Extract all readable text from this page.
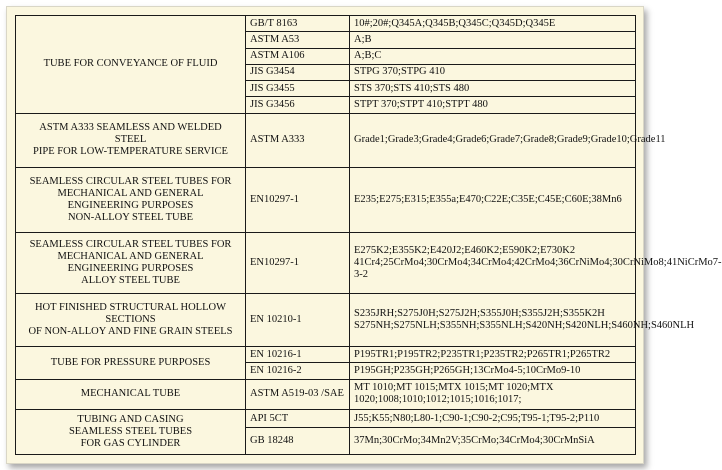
TUBE FOR CONVEYANCE OF FLUID	GB/T 8163	10#;20#;Q345A;Q345B;Q345C;Q345D;Q345E
	ASTM A53	A;B
	ASTM A106	A;B;C
	JIS G3454	STPG 370;STPG 410
	JIS G3455	STS 370;STS 410;STS 480
	JIS G3456	STPT 370;STPT 410;STPT 480

ASTM A333 SEAMLESS AND WELDED
STEEL
PIPE FOR LOW-TEMPERATURE SERVICE	ASTM A333	Grade1;Grade3;Grade4;Grade6;Grade7;Grade8;Grade9;Grade10;Grade11

SEAMLESS CIRCULAR STEEL TUBES FOR
MECHANICAL AND GENERAL
ENGINEERING PURPOSES
NON-ALLOY STEEL TUBE	EN10297-1	E235;E275;E315;E355a;E470;C22E;C35E;C45E;C60E;38Mn6

SEAMLESS CIRCULAR STEEL TUBES FOR
MECHANICAL AND GENERAL
ENGINEERING PURPOSES
ALLOY STEEL TUBE	EN10297-1	E275K2;E355K2;E420J2;E460K2;E590K2;E730K2 41Cr4;25CrMo4;30CrMo4;34CrMo4;42CrMo4;36CrNiMo4;30CrNiMo8;41NiCrMo7-3-2

HOT FINISHED STRUCTURAL HOLLOW
SECTIONS
OF NON-ALLOY AND FINE GRAIN STEELS	EN 10210-1	S235JRH;S275J0H;S275J2H;S355J0H;S355J2H;S355K2H S275NH;S275NLH;S355NH;S355NLH;S420NH;S420NLH;S460NH;S460NLH

TUBE FOR PRESSURE PURPOSES	EN 10216-1	P195TR1;P195TR2;P235TR1;P235TR2;P265TR1;P265TR2
	EN 10216-2	P195GH;P235GH;P265GH;13CrMo4-5;10CrMo9-10

MECHANICAL TUBE	ASTM A519-03 /SAE	MT 1010;MT 1015;MTX 1015;MT 1020;MTX 1020;1008;1010;1012;1015;1016;1017;

TUBING AND CASING
SEAMLESS STEEL TUBES
FOR GAS CYLINDER	API 5CT	J55;K55;N80;L80-1;C90-1;C90-2;C95;T95-1;T95-2;P110
	GB 18248	37Mn;30CrMo;34Mn2V;35CrMo;34CrMo4;30CrMnSiA
